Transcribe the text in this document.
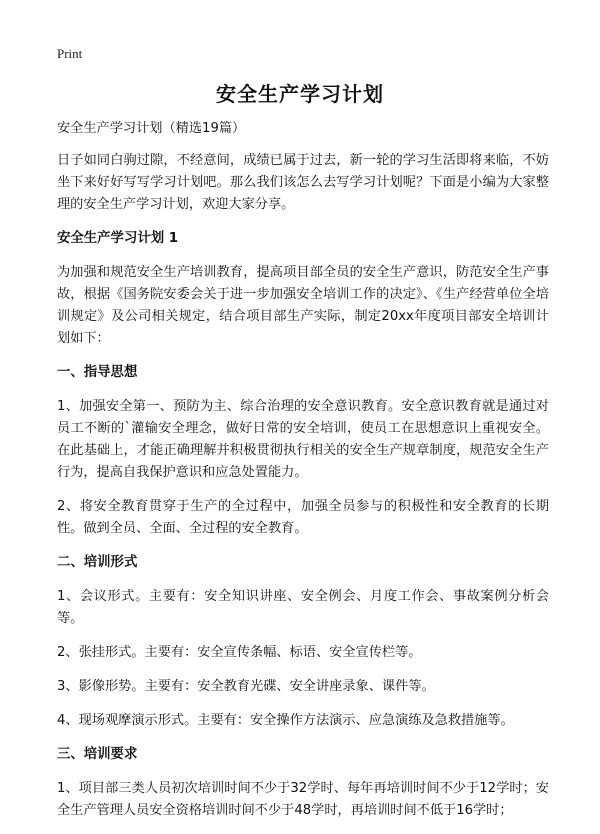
Print
安全生产学习计划

安全生产学习计划（精选19篇）

日子如同白驹过隙，不经意间，成绩已属于过去，新一轮的学习生活即将来临，不妨坐下来好好写写学习计划吧。那么我们该怎么去写学习计划呢？下面是小编为大家整理的安全生产学习计划，欢迎大家分享。

安全生产学习计划 1

为加强和规范安全生产培训教育，提高项目部全员的安全生产意识，防范安全生产事故，根据《国务院安委会关于进一步加强安全培训工作的决定》、《生产经营单位全培训规定》及公司相关规定，结合项目部生产实际，制定20xx年度项目部安全培训计划如下：

一、指导思想

1、加强安全第一、预防为主、综合治理的安全意识教育。安全意识教育就是通过对员工不断的`灌输安全理念，做好日常的安全培训，使员工在思想意识上重视安全。在此基础上，才能正确理解并积极贯彻执行相关的安全生产规章制度，规范安全生产行为，提高自我保护意识和应急处置能力。

2、将安全教育贯穿于生产的全过程中，加强全员参与的积极性和安全教育的长期性。做到全员、全面、全过程的安全教育。

二、培训形式

1、会议形式。主要有：安全知识讲座、安全例会、月度工作会、事故案例分析会等。

2、张挂形式。主要有：安全宣传条幅、标语、安全宣传栏等。

3、影像形势。主要有：安全教育光碟、安全讲座录象、课件等。

4、现场观摩演示形式。主要有：安全操作方法演示、应急演练及急救措施等。

三、培训要求

1、项目部三类人员初次培训时间不少于32学时、每年再培训时间不少于12学时；安全生产管理人员安全资格培训时间不少于48学时，再培训时间不低于16学时；
